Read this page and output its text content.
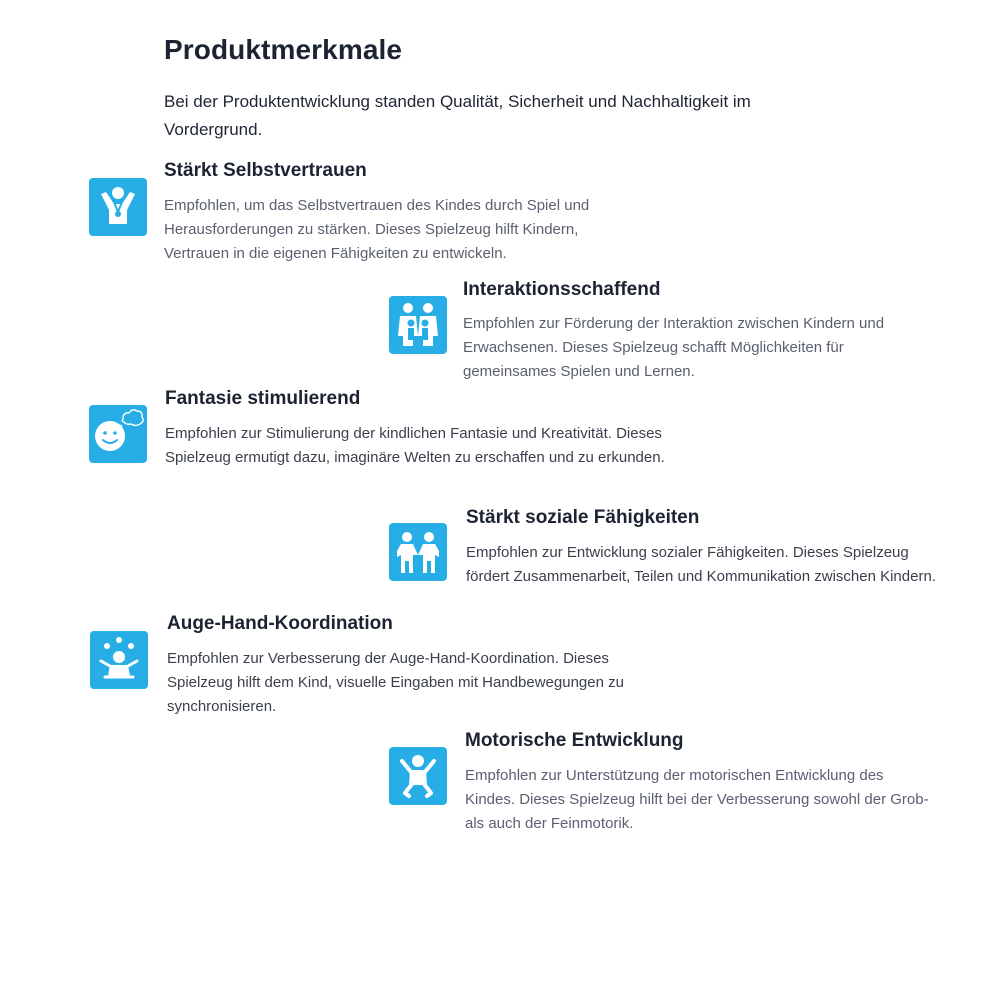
Produktmerkmale

Bei der Produktentwicklung standen Qualität, Sicherheit und Nachhaltigkeit im Vordergrund.

Stärkt Selbstvertrauen

Empfohlen, um das Selbstvertrauen des Kindes durch Spiel und Herausforderungen zu stärken. Dieses Spielzeug hilft Kindern, Vertrauen in die eigenen Fähigkeiten zu entwickeln.

Interaktionsschaffend

Empfohlen zur Förderung der Interaktion zwischen Kindern und Erwachsenen. Dieses Spielzeug schafft Möglichkeiten für gemeinsames Spielen und Lernen.

Fantasie stimulierend

Empfohlen zur Stimulierung der kindlichen Fantasie und Kreativität. Dieses Spielzeug ermutigt dazu, imaginäre Welten zu erschaffen und zu erkunden.

Stärkt soziale Fähigkeiten

Empfohlen zur Entwicklung sozialer Fähigkeiten. Dieses Spielzeug fördert Zusammenarbeit, Teilen und Kommunikation zwischen Kindern.

Auge-Hand-Koordination

Empfohlen zur Verbesserung der Auge-Hand-Koordination. Dieses Spielzeug hilft dem Kind, visuelle Eingaben mit Handbewegungen zu synchronisieren.

Motorische Entwicklung

Empfohlen zur Unterstützung der motorischen Entwicklung des Kindes. Dieses Spielzeug hilft bei der Verbesserung sowohl der Grob- als auch der Feinmotorik.
